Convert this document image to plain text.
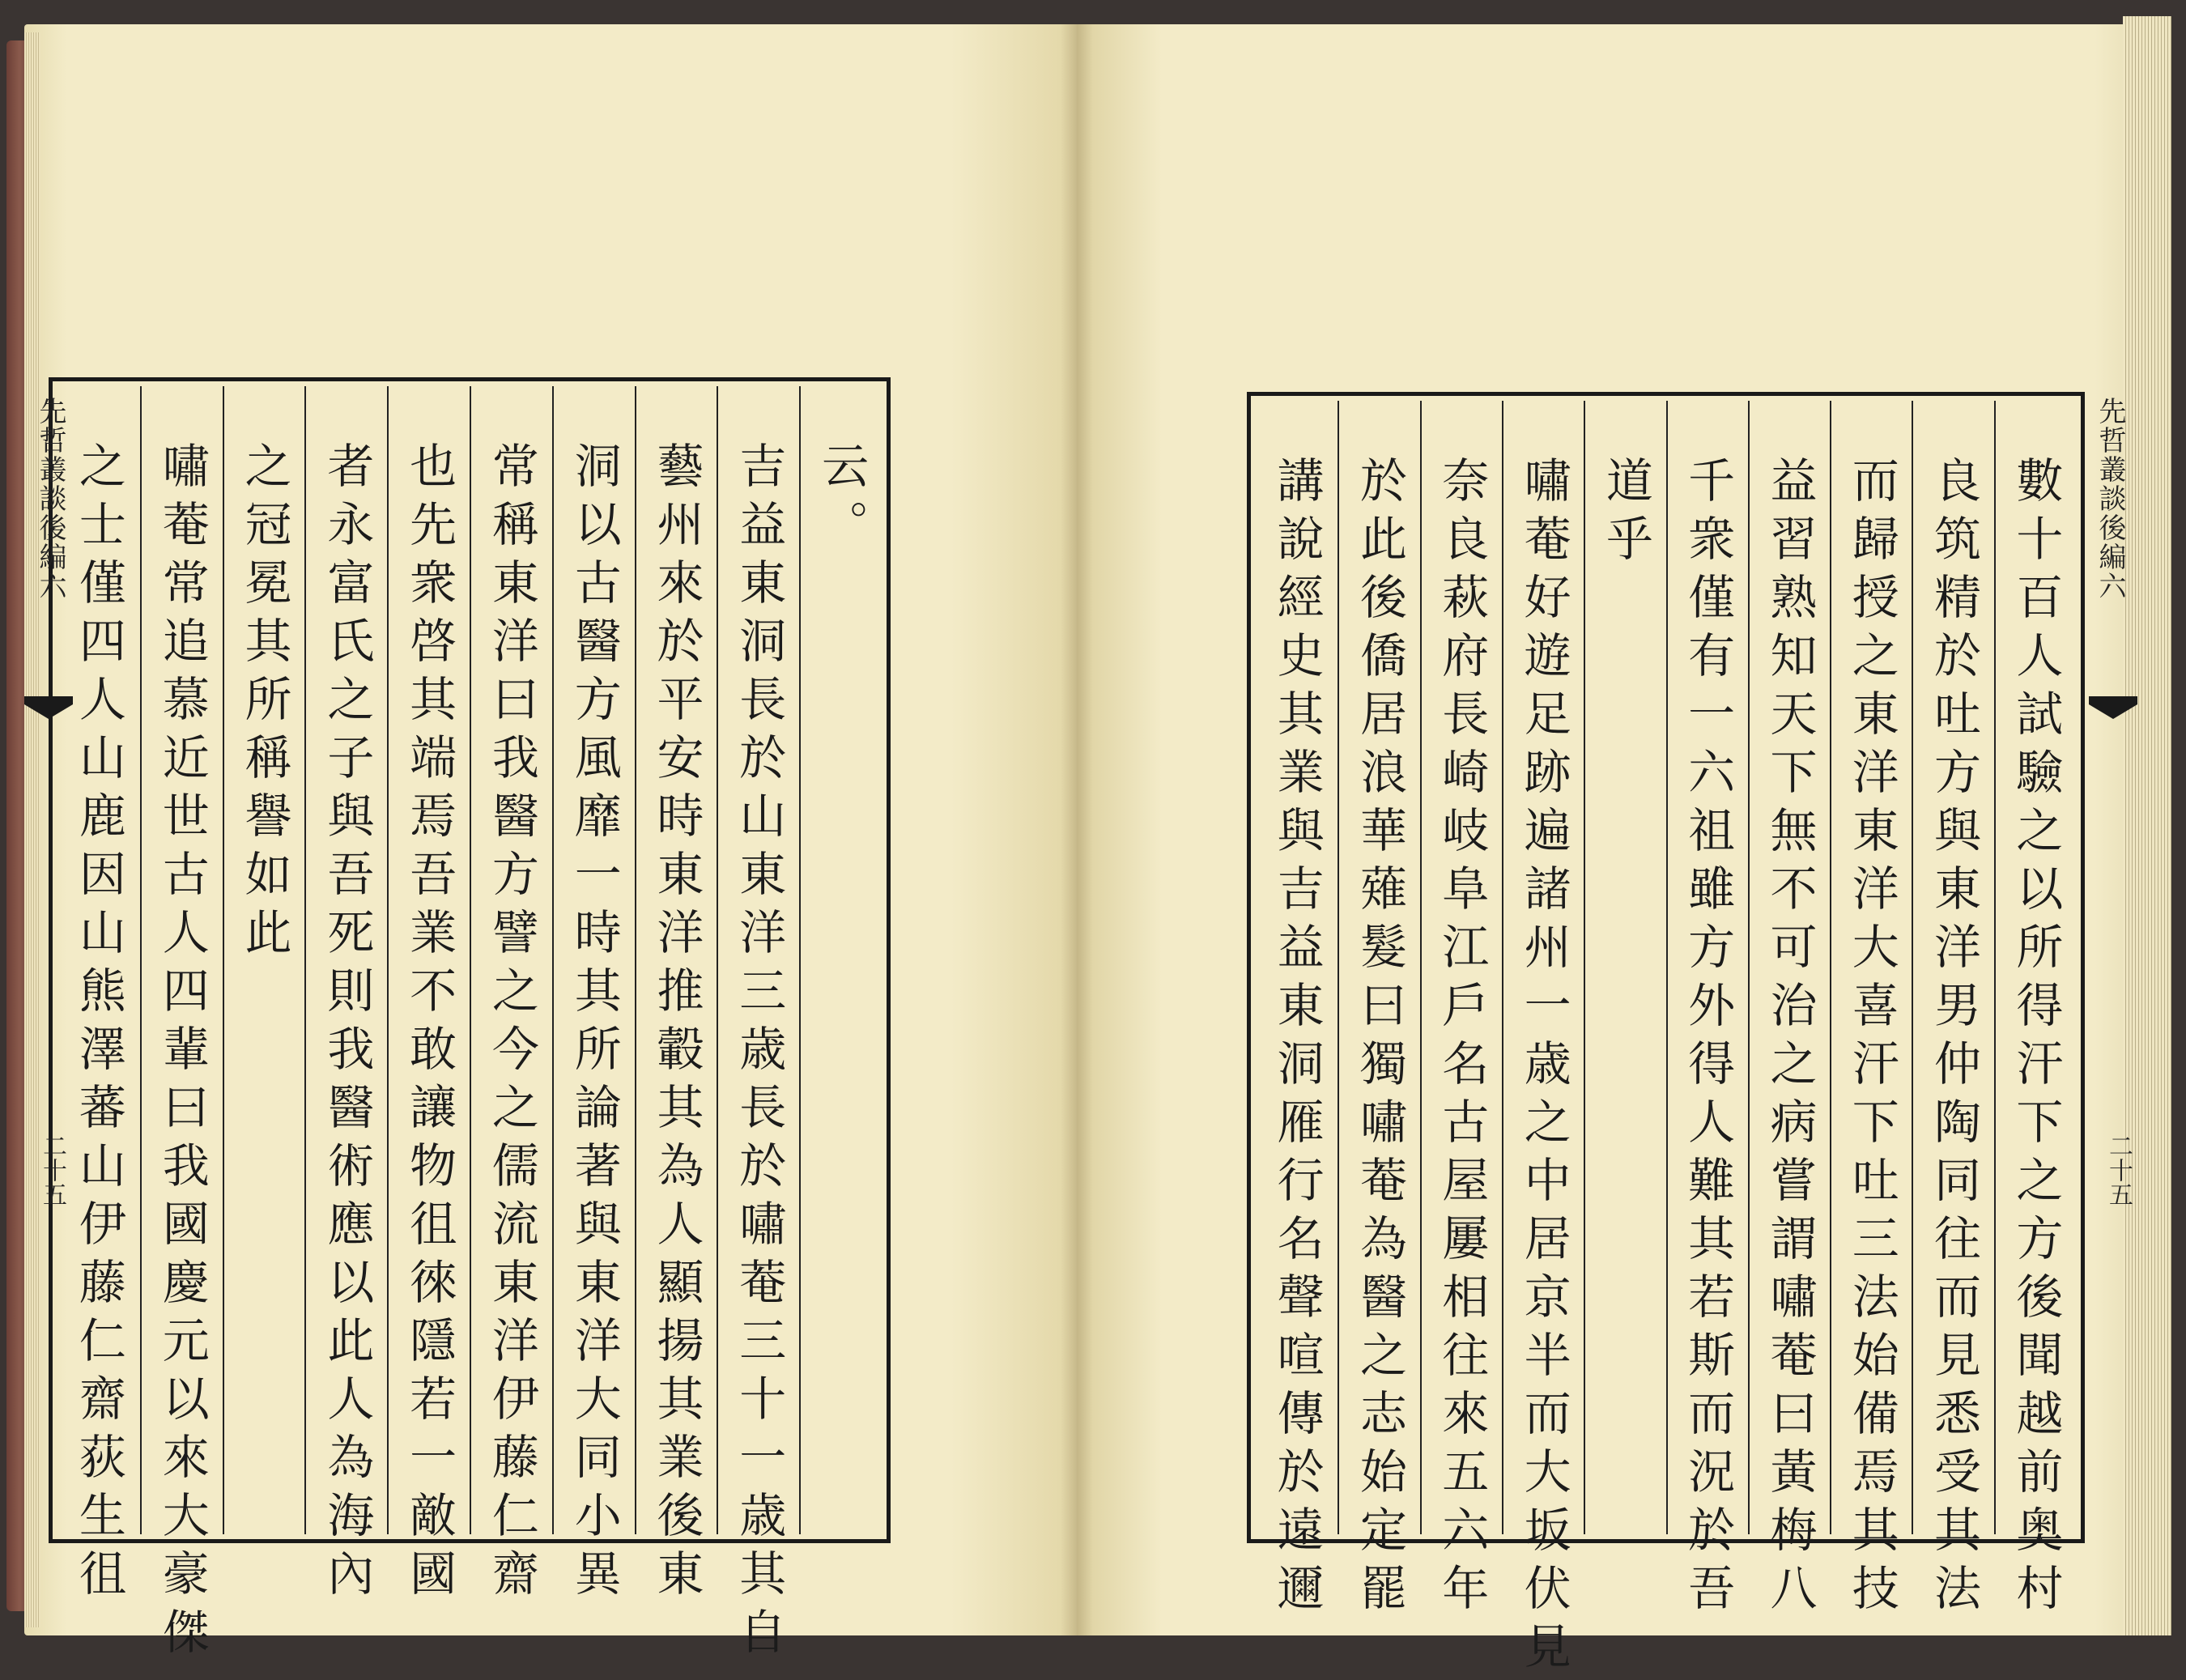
云。
吉益東洞長於山東洋三歳長於嘯菴三十一歳其自
藝州來於平安時東洋推轂其為人顯揚其業後東
洞以古醫方風靡一時其所論著與東洋大同小異
常稱東洋曰我醫方譬之今之儒流東洋伊藤仁齋
也先衆啓其端焉吾業不敢讓物徂徠隱若一敵國
者永富氏之子與吾死則我醫術應以此人為海內
之冠冕其所稱譽如此
嘯菴常追慕近世古人四輩曰我國慶元以來大豪傑
之士僅四人山鹿因山熊澤蕃山伊藤仁齋荻生徂
先哲叢談後編六
二十五	數十百人試驗之以所得汗下之方後聞越前奥村
良筑精於吐方與東洋男仲陶同往而見悉受其法
而歸授之東洋東洋大喜汗下吐三法始備焉其技
益習熟知天下無不可治之病嘗謂嘯菴曰黃梅八
千衆僅有一六祖雖方外得人難其若斯而況於吾
道乎
嘯菴好遊足跡遍諸州一歳之中居京半而大坂伏見
奈良萩府長崎岐阜江戶名古屋屢相往來五六年
於此後僑居浪華薙髮曰獨嘯菴為醫之志始定罷
講說經史其業與吉益東洞雁行名聲喧傳於遠邇	先哲叢談後編六
二十五
